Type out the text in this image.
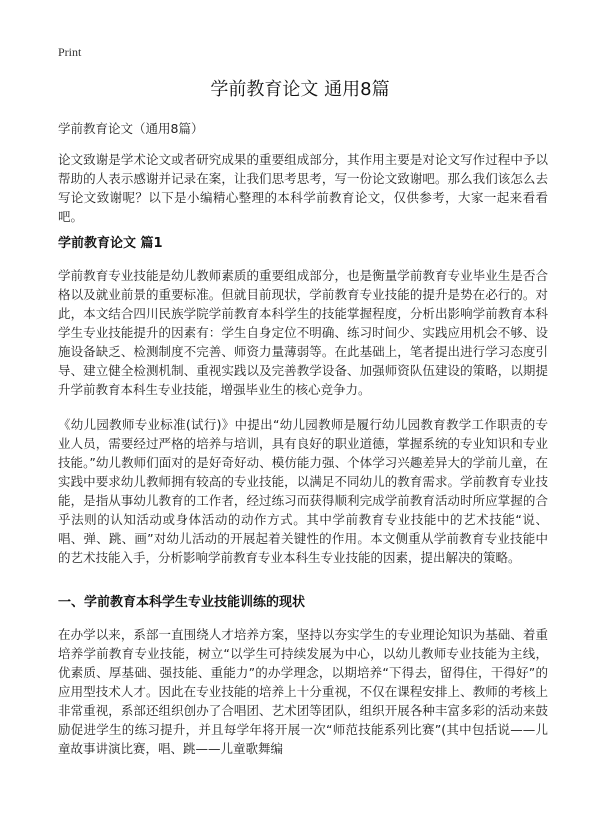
Print
学前教育论文 通用8篇
学前教育论文（通用8篇）

论文致谢是学术论文或者研究成果的重要组成部分，其作用主要是对论文写作过程中予以帮助的人表示感谢并记录在案，让我们思考思考，写一份论文致谢吧。那么我们该怎么去写论文致谢呢？以下是小编精心整理的本科学前教育论文，仅供参考，大家一起来看看吧。

学前教育论文 篇1

学前教育专业技能是幼儿教师素质的重要组成部分，也是衡量学前教育专业毕业生是否合格以及就业前景的重要标准。但就目前现状，学前教育专业技能的提升是势在必行的。对此，本文结合四川民族学院学前教育本科学生的技能掌握程度，分析出影响学前教育本科学生专业技能提升的因素有：学生自身定位不明确、练习时间少、实践应用机会不够、设施设备缺乏、检测制度不完善、师资力量薄弱等。在此基础上，笔者提出进行学习态度引导、建立健全检测机制、重视实践以及完善教学设备、加强师资队伍建设的策略，以期提升学前教育本科生专业技能，增强毕业生的核心竞争力。

《幼儿园教师专业标准(试行)》中提出“幼儿园教师是履行幼儿园教育教学工作职责的专业人员，需要经过严格的培养与培训，具有良好的职业道德，掌握系统的专业知识和专业技能。”幼儿教师们面对的是好奇好动、模仿能力强、个体学习兴趣差异大的学前儿童，在实践中要求幼儿教师拥有较高的专业技能，以满足不同幼儿的教育需求。学前教育专业技能，是指从事幼儿教育的工作者，经过练习而获得顺利完成学前教育活动时所应掌握的合乎法则的认知活动或身体活动的动作方式。其中学前教育专业技能中的艺术技能“说、唱、弹、跳、画”对幼儿活动的开展起着关键性的作用。本文侧重从学前教育专业技能中的艺术技能入手，分析影响学前教育专业本科生专业技能的因素，提出解决的策略。

一、学前教育本科学生专业技能训练的现状

在办学以来，系部一直围绕人才培养方案，坚持以夯实学生的专业理论知识为基础、着重培养学前教育专业技能，树立“以学生可持续发展为中心，以幼儿教师专业技能为主线，优素质、厚基础、强技能、重能力”的办学理念，以期培养“下得去，留得住，干得好”的应用型技术人才。因此在专业技能的培养上十分重视，不仅在课程安排上、教师的考核上非常重视，系部还组织创办了合唱团、艺术团等团队，组织开展各种丰富多彩的活动来鼓励促进学生的练习提升，并且每学年将开展一次“师范技能系列比赛”(其中包括说——儿童故事讲演比赛，唱、跳——儿童歌舞编
